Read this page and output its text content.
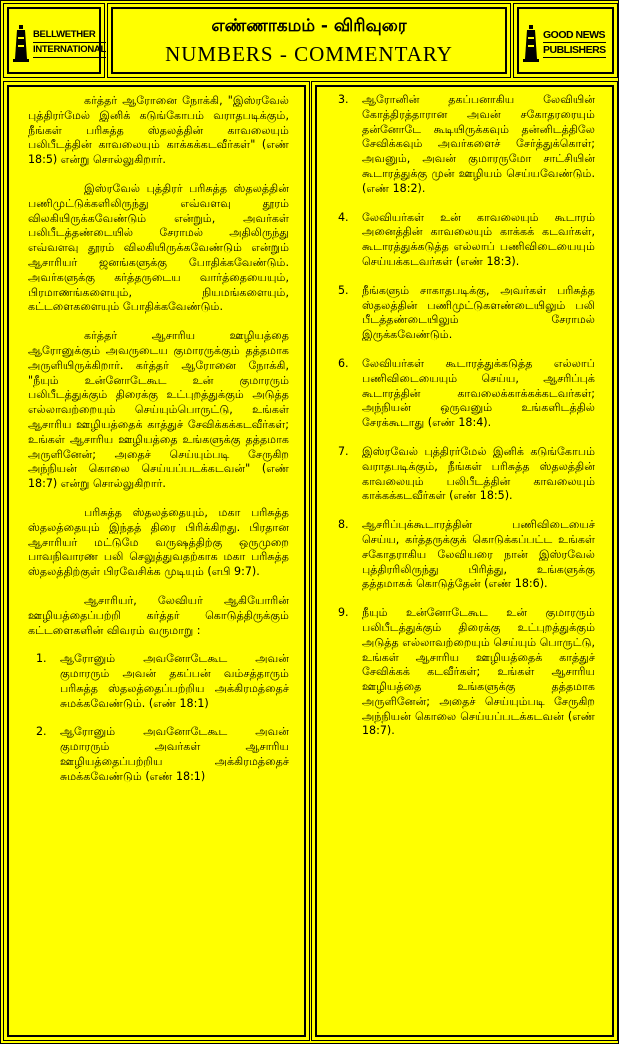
BELLWETHER
INTERNATIONAL
எண்ணாகமம் - விரிவுரை
NUMBERS - COMMENTARY
GOOD NEWS
PUBLISHERS

கர்த்தர் ஆரோனை நோக்கி, "இஸ்ரவேல் புத்திரர்மேல் இனிக் கடுங்கோபம் வராதபடிக்கும், நீங்கள் பரிசுத்த ஸ்தலத்தின் காவலையும் பலிபீடத்தின் காவலையும் காக்கக்கடவீர்கள்" (எண் 18:5) என்று சொல்லுகிறார்.

இஸ்ரவேல் புத்திரர் பரிசுத்த ஸ்தலத்தின் பணிமுட்டுக்களிலிருந்து எவ்வளவு தூரம் விலகியிருக்கவேண்டும் என்றும், அவர்கள் பலிபீடத்தண்டையில் சேராமல் அதிலிருந்து எவ்வளவு தூரம் விலகியிருக்கவேண்டும் என்றும் ஆசாரியர் ஜனங்களுக்கு போதிக்கவேண்டும். அவர்களுக்கு கர்த்தருடைய வார்த்தையையும், பிரமாணங்களையும், நியமங்களையும், கட்டளைகளையும் போதிக்கவேண்டும்.

கர்த்தர் ஆசாரிய ஊழியத்தை ஆரோனுக்கும் அவருடைய குமாரருக்கும் தத்தமாக அருளியிருக்கிறார். கர்த்தர் ஆரோனை நோக்கி, "நீயும் உன்னோடேகூட உன் குமாரரும் பலிபீடத்துக்கும் திரைக்கு உட்புறத்துக்கும் அடுத்த எல்லாவற்றையும் செய்யும்பொருட்டு, உங்கள் ஆசாரிய ஊழியத்தைக் காத்துச் சேவிக்கக்கடவீர்கள்; உங்கள் ஆசாரிய ஊழியத்தை உங்களுக்கு தத்தமாக அருளினேன்; அதைச் செய்யும்படி சேருகிற அந்நியன் கொலை செய்யப்படக்கடவன்" (எண் 18:7) என்று சொல்லுகிறார்.

பரிசுத்த ஸ்தலத்தையும், மகா பரிசுத்த ஸ்தலத்தையும் இந்தத் திரை பிரிக்கிறது. பிரதான ஆசாரியர் மட்டுமே வருஷத்திற்கு ஒருமுறை பாவநிவாரண பலி செலுத்துவதற்காக மகா பரிசுத்த ஸ்தலத்திற்குள் பிரவேசிக்க முடியும் (எபி 9:7).

ஆசாரியர், லேவியர் ஆகியோரின் ஊழியத்தைப்பற்றி கர்த்தர் கொடுத்திருக்கும் கட்டளைகளின் விவரம் வருமாறு :

1.	ஆரோனும் அவனோடேகூட அவன் குமாரரும் அவன் தகப்பன் வம்சத்தாரும் பரிசுத்த ஸ்தலத்தைப்பற்றிய அக்கிரமத்தைச் சுமக்கவேண்டும். (எண் 18:1)
2.	ஆரோனும் அவனோடேகூட அவன் குமாரரும் அவர்கள் ஆசாரிய ஊழியத்தைப்பற்றிய அக்கிரமத்தைச் சுமக்கவேண்டும் (எண் 18:1)
3.	ஆரோனின் தகப்பனாகிய லேவியின் கோத்திரத்தாரான அவன் சகோதரரையும் தன்னோடே கூடியிருக்கவும் தன்னிடத்திலே சேவிக்கவும் அவர்களைச் சேர்த்துக்கொள்; அவனும், அவன் குமாரருமோ சாட்சியின் கூடாரத்துக்கு முன் ஊழியம் செய்யவேண்டும். (எண் 18:2).
4.	லேவியர்கள் உன் காவலையும் கூடாரம் அனைத்தின் காவலையும் காக்கக் கடவர்கள், கூடாரத்துக்கடுத்த எல்லாப் பணிவிடையையும் செய்யக்கடவர்கள் (எண் 18:3).
5.	நீங்களும் சாகாதபடிக்கு, அவர்கள் பரிசுத்த ஸ்தலத்தின் பணிமுட்டுகளண்டையிலும் பலி பீடத்தண்டையிலும் சேராமல் இருக்கவேண்டும்.
6.	லேவியர்கள் கூடாரத்துக்கடுத்த எல்லாப் பணிவிடையையும் செய்ய, ஆசரிப்புக் கூடாரத்தின் காவலைக்காக்கக்கடவர்கள்; அந்நியன் ஒருவனும் உங்களிடத்தில் சேரக்கூடாது (எண் 18:4).
7.	இஸ்ரவேல் புத்திரர்மேல் இனிக் கடுங்கோபம் வராதபடிக்கும், நீங்கள் பரிசுத்த ஸ்தலத்தின் காவலையும் பலிபீடத்தின் காவலையும் காக்கக்கடவீர்கள் (எண் 18:5).
8.	ஆசரிப்புக்கூடாரத்தின் பணிவிடையைச் செய்ய, கர்த்தருக்குக் கொடுக்கப்பட்ட உங்கள் சகோதராகிய லேவியரை நான் இஸ்ரவேல் புத்திரரிலிருந்து பிரித்து, உங்களுக்கு தத்தமாகக் கொடுத்தேன் (எண் 18:6).
9.	நீயும் உன்னோடேகூட உன் குமாரரும் பலிபீடத்துக்கும் திரைக்கு உட்புறத்துக்கும் அடுத்த எல்லாவற்றையும் செய்யும் பொருட்டு, உங்கள் ஆசாரிய ஊழியத்தைக் காத்துச் சேவிக்கக் கடவீர்கள்; உங்கள் ஆசாரிய ஊழியத்தை உங்களுக்கு தத்தமாக அருளினேன்; அதைச் செய்யும்படி சேருகிற அந்நியன் கொலை செய்யப்படக்கடவன் (எண் 18:7).
